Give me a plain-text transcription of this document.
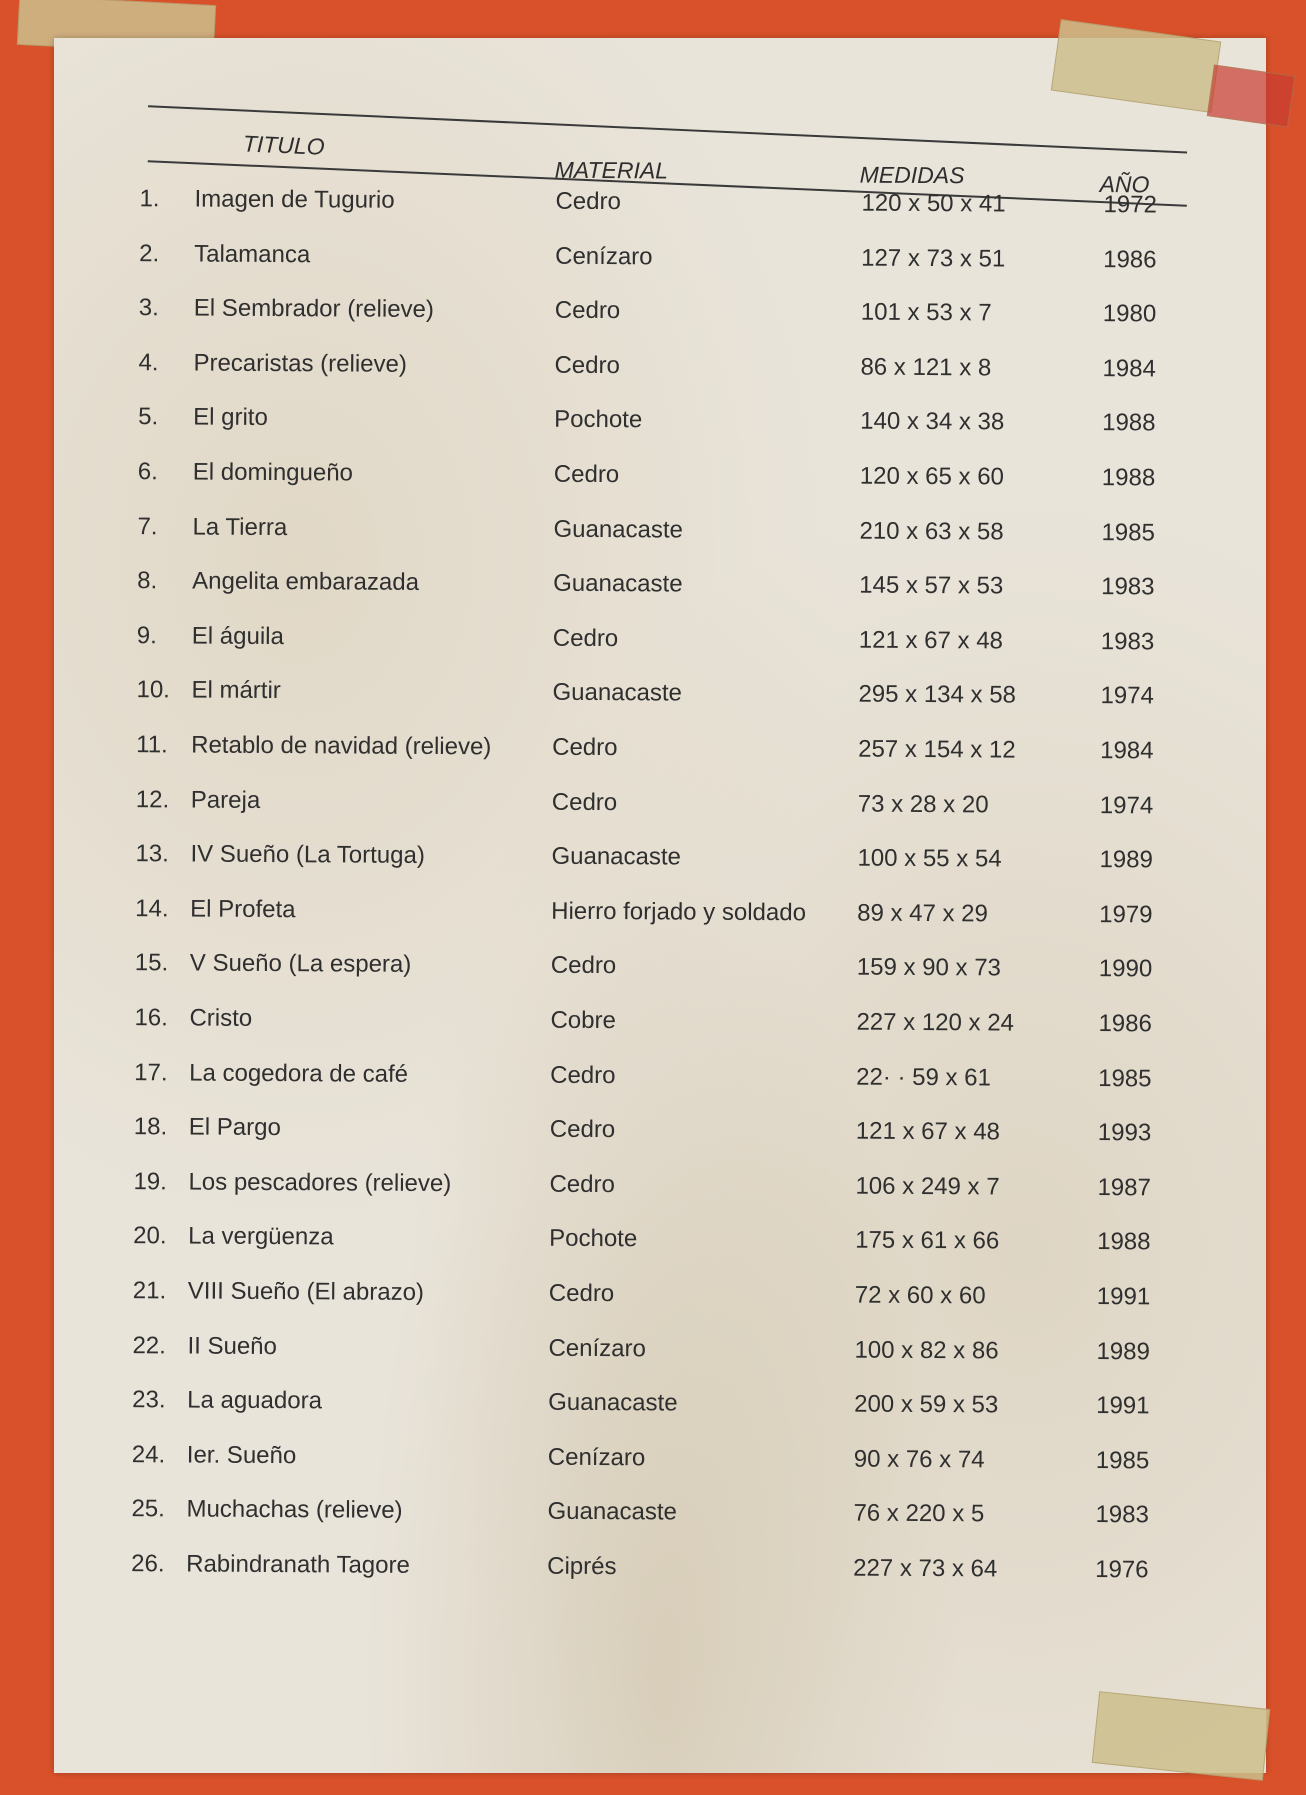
TITULO
MATERIAL	MEDIDAS	AÑO
1. Imagen de Tugurio	Cedro	120 x 50 x 41	1972
2. Talamanca	Cenízaro	127 x 73 x 51	1986
3. El Sembrador (relieve)	Cedro	101 x 53 x 7	1980
4. Precaristas (relieve)	Cedro	86 x 121 x 8	1984
5. El grito	Pochote	140 x 34 x 38	1988
6. El domingueño	Cedro	120 x 65 x 60	1988
7. La Tierra	Guanacaste	210 x 63 x 58	1985
8. Angelita embarazada	Guanacaste	145 x 57 x 53	1983
9. El águila	Cedro	121 x 67 x 48	1983
10. El mártir	Guanacaste	295 x 134 x 58	1974
11. Retablo de navidad (relieve)	Cedro	257 x 154 x 12	1984
12. Pareja	Cedro	73 x 28 x 20	1974
13. IV Sueño (La Tortuga)	Guanacaste	100 x 55 x 54	1989
14. El Profeta	Hierro forjado y soldado 89 x 47 x 29	1979
15. V Sueño (La espera)	Cedro	159 x 90 x 73	1990
16. Cristo	Cobre	227 x 120 x 24	1986
17. La cogedora de café	Cedro	22· · 59 x 61	1985
18. El Pargo	Cedro	121 x 67 x 48	1993
19. Los pescadores (relieve)	Cedro	106 x 249 x 7	1987
20. La vergüenza	Pochote	175 x 61 x 66	1988
21. VIII Sueño (El abrazo)	Cedro	72 x 60 x 60	1991
22. II Sueño	Cenízaro	100 x 82 x 86	1989
23. La aguadora	Guanacaste	200 x 59 x 53	1991
24. Ier. Sueño	Cenízaro	90 x 76 x 74	1985
25. Muchachas (relieve)	Guanacaste	76 x 220 x 5	1983
26. Rabindranath Tagore	Ciprés	227 x 73 x 64	1976
